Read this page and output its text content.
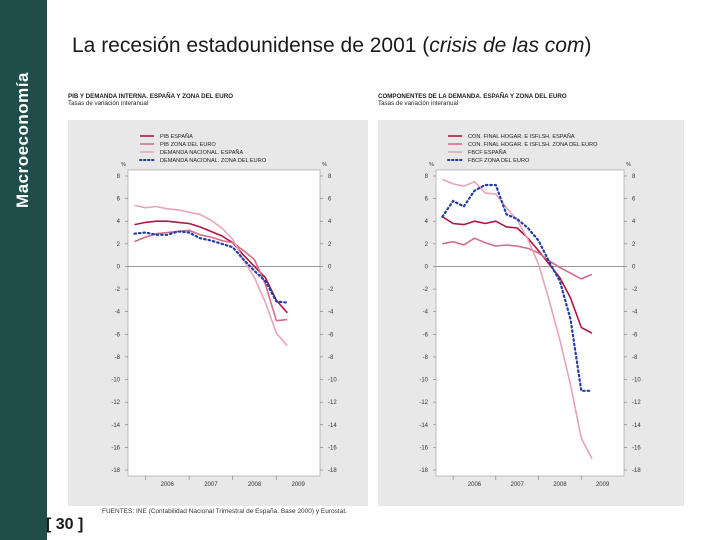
Macroeconomía
La recesión estadounidense de 2001 (crisis de las com)
PIB Y DEMANDA INTERNA. ESPAÑA Y ZONA DEL EURO
Tasas de variación interanual
%	%
8	8
6	6
4	4
2	2
0	0
-2	-2
-4	-4
-6	-6
-8	-8
-10	-10
-12	-12
-14	-14
-16	-16
-18	-18
2006	2007	2008	2009
PIB ESPAÑA
PIB ZONA DEL EURO
DEMANDA NACIONAL. ESPAÑA
DEMANDA NACIONAL. ZONA DEL EURO
COMPONENTES DE LA DEMANDA. ESPAÑA Y ZONA DEL EURO
Tasas de variación interanual
%	%
8	8
6	6
4	4
2	2
0	0
-2	-2
-4	-4
-6	-6
-8	-8
-10	-10
-12	-12
-14	-14
-16	-16
-18	-18
2006	2007	2008	2009
CON. FINAL HOGAR. E ISFLSH. ESPAÑA
CON. FINAL HOGAR. E ISFLSH. ZONA DEL EURO
FBCF ESPAÑA
FBCF ZONA DEL EURO
[ 30 ]
FUENTES: INE (Contabilidad Nacional Trimestral de España. Base 2000) y Eurostat.
